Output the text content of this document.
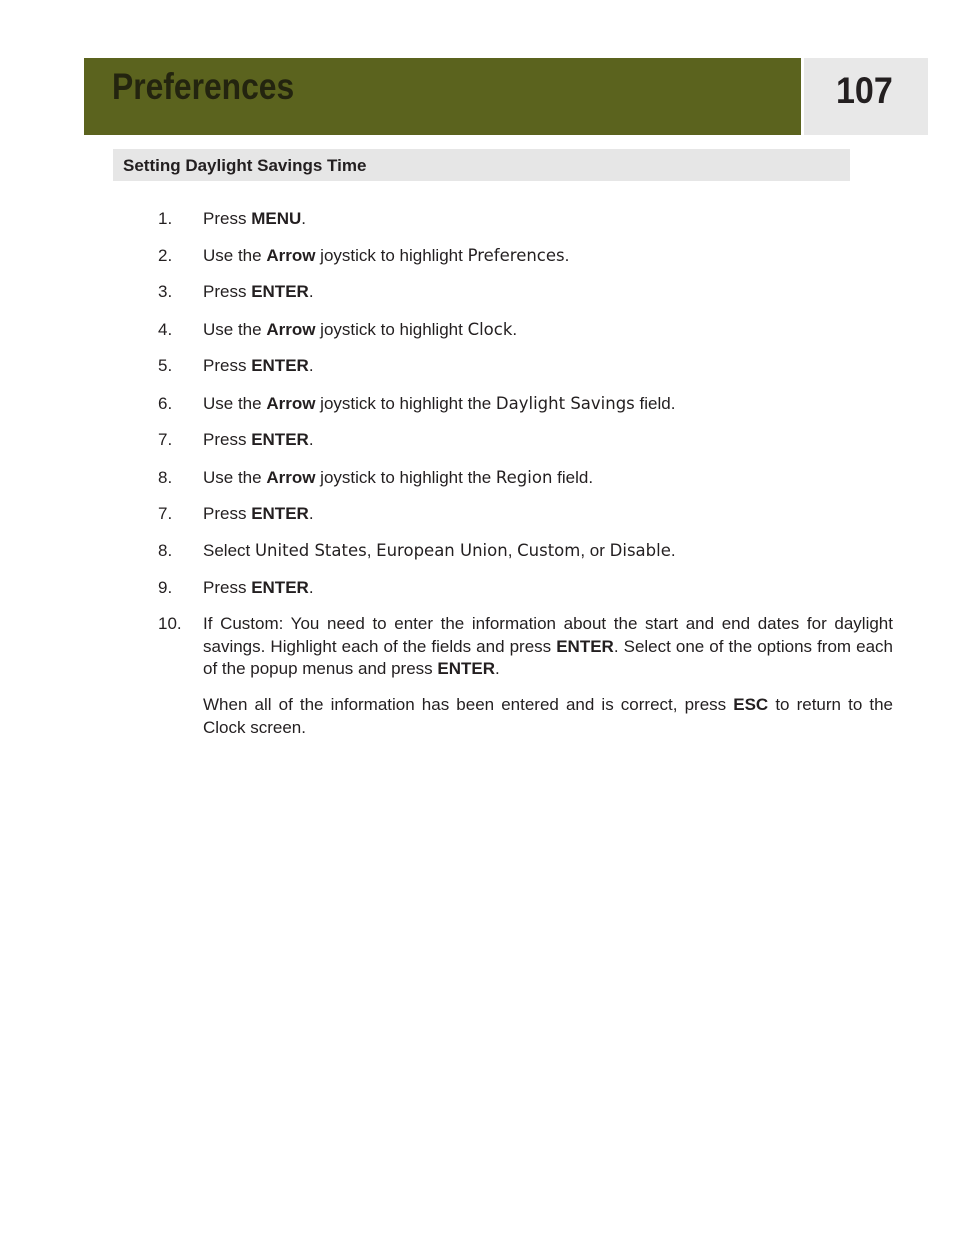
Preferences	107
Setting Daylight Savings Time
1.	Press MENU.
2.	Use the Arrow joystick to highlight Preferences.
3.	Press ENTER.
4.	Use the Arrow joystick to highlight Clock.
5.	Press ENTER.
6.	Use the Arrow joystick to highlight the Daylight Savings field.
7.	Press ENTER.
8.	Use the Arrow joystick to highlight the Region field.
7.	Press ENTER.
8.	Select United States, European Union, Custom, or Disable.
9.	Press ENTER.
10.	If Custom: You need to enter the information about the start and end dates for daylight savings. Highlight each of the fields and press ENTER. Select one of the options from each of the popup menus and press ENTER.
When all of the information has been entered and is correct, press ESC to return to the Clock screen.
